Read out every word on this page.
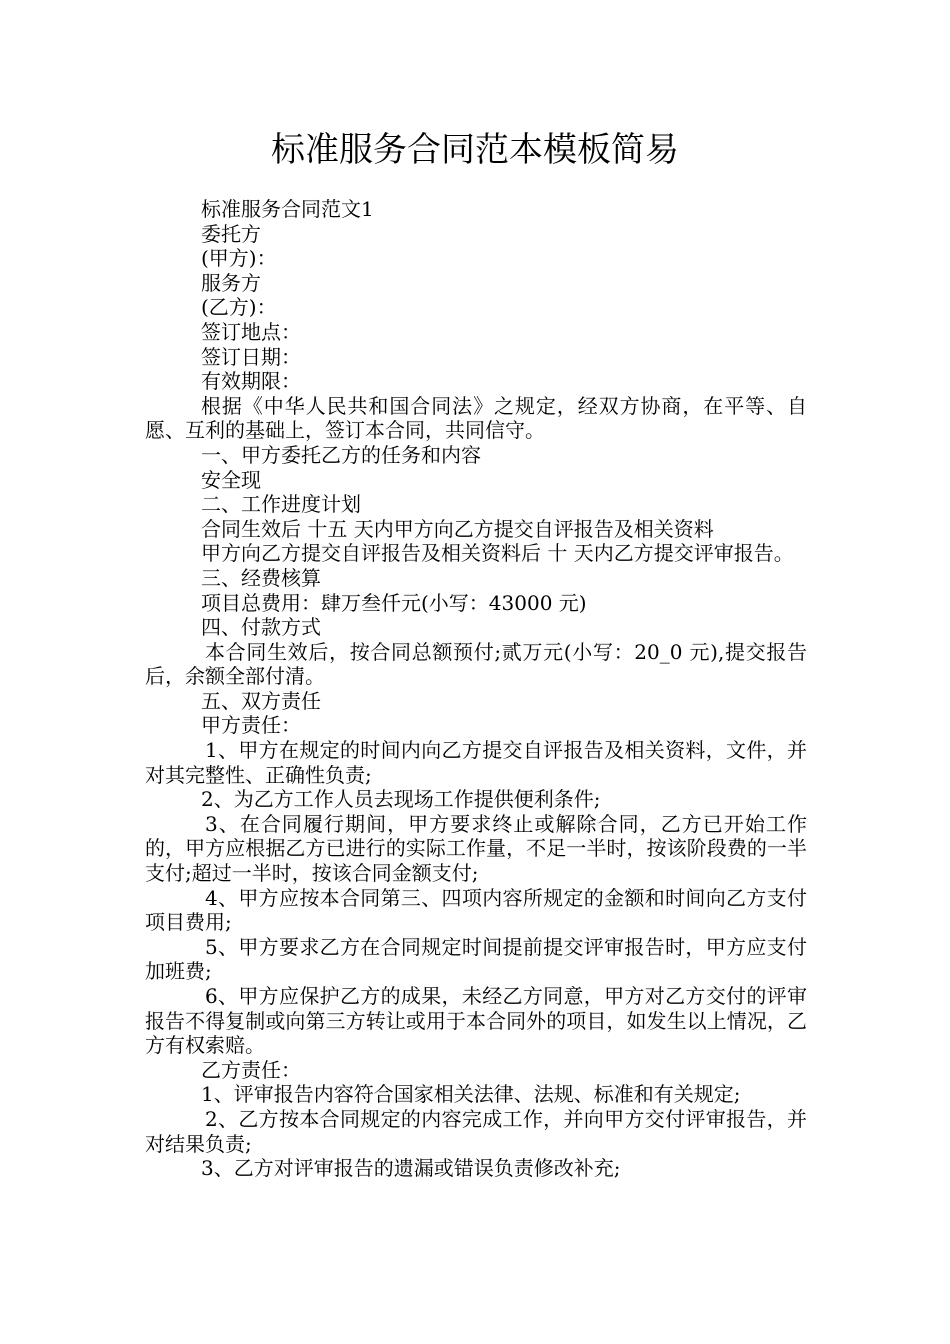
标准服务合同范本模板简易

标准服务合同范文1

委托方

(甲方)：

服务方

(乙方)：

签订地点：

签订日期：

有效期限：

根据《中华人民共和国合同法》之规定，经双方协商，在平等、自愿、互利的基础上，签订本合同，共同信守。

一、甲方委托乙方的任务和内容

安全现

二、工作进度计划

合同生效后 十五 天内甲方向乙方提交自评报告及相关资料

甲方向乙方提交自评报告及相关资料后 十 天内乙方提交评审报告。

三、经费核算

项目总费用：肆万叁仟元(小写：43000 元)

四、付款方式

本合同生效后，按合同总额预付;贰万元(小写：20_0 元),提交报告后，余额全部付清。

五、双方责任

甲方责任：

1、甲方在规定的时间内向乙方提交自评报告及相关资料，文件，并对其完整性、正确性负责;

2、为乙方工作人员去现场工作提供便利条件;

3、在合同履行期间，甲方要求终止或解除合同，乙方已开始工作的，甲方应根据乙方已进行的实际工作量，不足一半时，按该阶段费的一半支付;超过一半时，按该合同金额支付;

4、甲方应按本合同第三、四项内容所规定的金额和时间向乙方支付项目费用;

5、甲方要求乙方在合同规定时间提前提交评审报告时，甲方应支付加班费;

6、甲方应保护乙方的成果，未经乙方同意，甲方对乙方交付的评审报告不得复制或向第三方转让或用于本合同外的项目，如发生以上情况，乙方有权索赔。

乙方责任：

1、评审报告内容符合国家相关法律、法规、标准和有关规定;

2、乙方按本合同规定的内容完成工作，并向甲方交付评审报告，并对结果负责;

3、乙方对评审报告的遗漏或错误负责修改补充;
